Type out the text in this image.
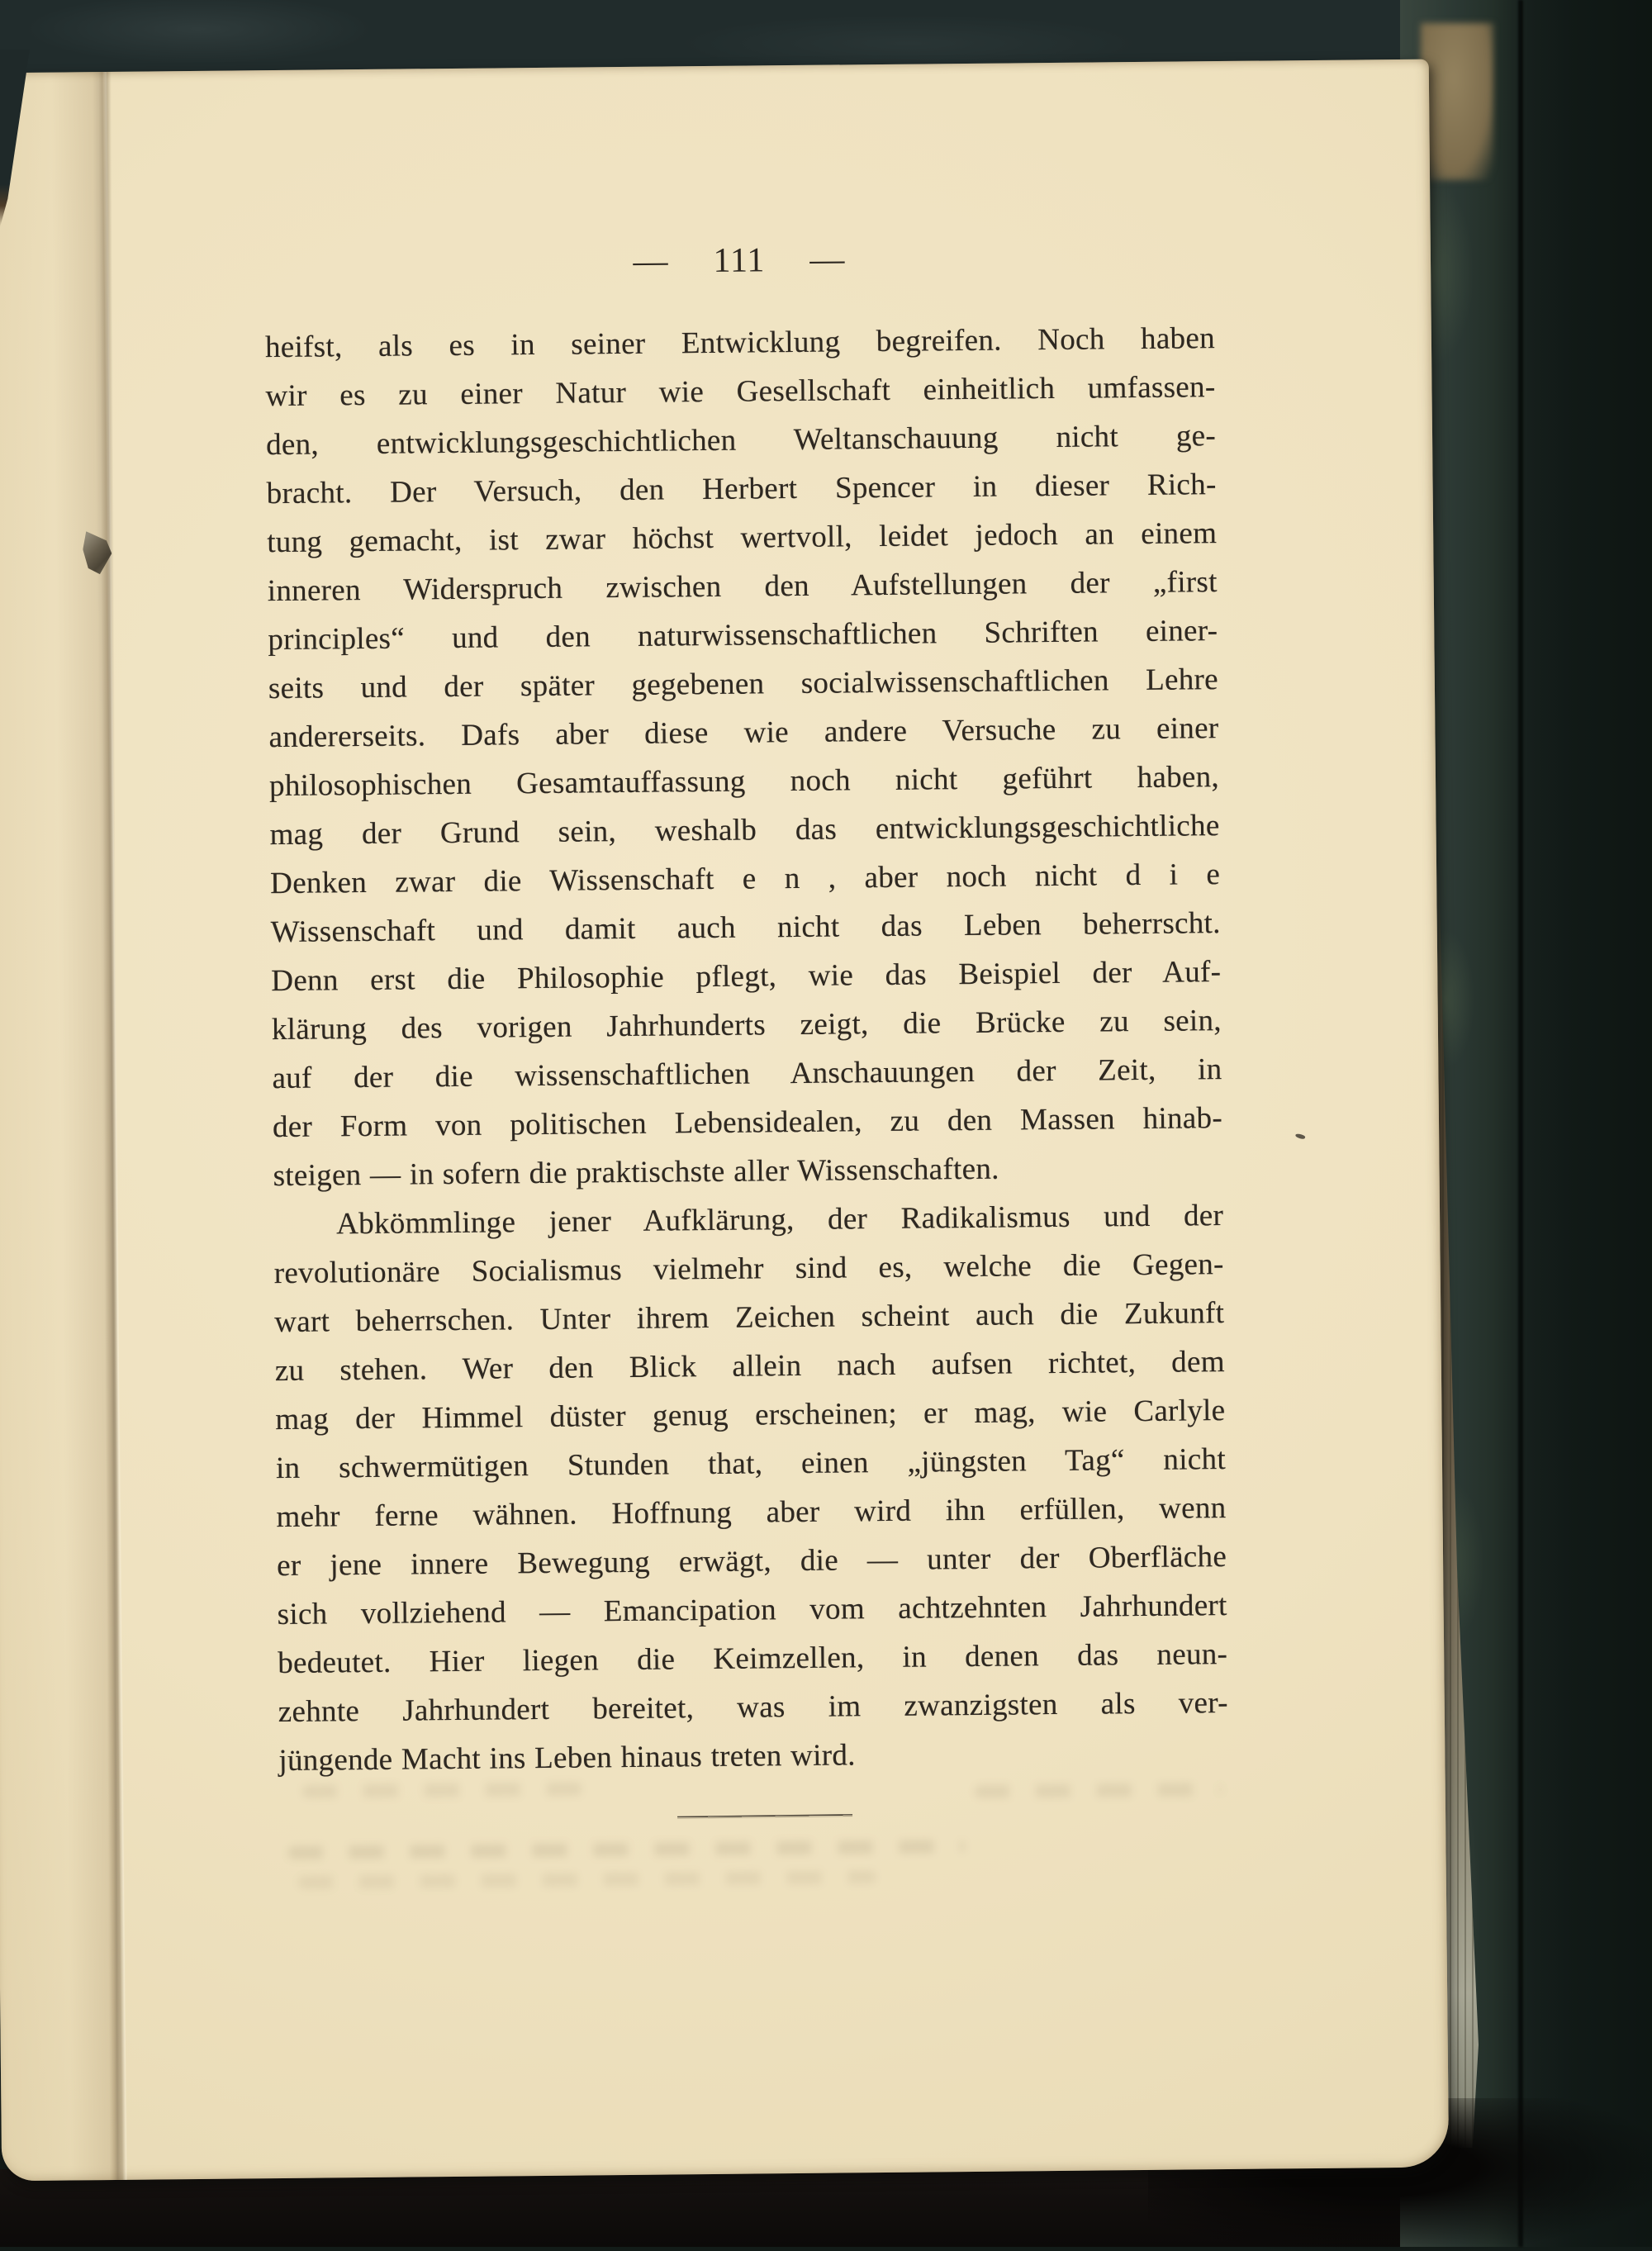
— 111 —
heifst, als es in seiner Entwicklung begreifen. Noch haben
wir es zu einer Natur wie Gesellschaft einheitlich umfassen-
den, entwicklungsgeschichtlichen Weltanschauung nicht ge-
bracht. Der Versuch, den Herbert Spencer in dieser Rich-
tung gemacht, ist zwar höchst wertvoll, leidet jedoch an einem
inneren Widerspruch zwischen den Aufstellungen der „first
principles“ und den naturwissenschaftlichen Schriften einer-
seits und der später gegebenen socialwissenschaftlichen Lehre
andererseits. Dafs aber diese wie andere Versuche zu einer
philosophischen Gesamtauffassung noch nicht geführt haben,
mag der Grund sein, weshalb das entwicklungsgeschichtliche
Denken zwar die Wissenschaft e n , aber noch nicht d i e
Wissenschaft und damit auch nicht das Leben beherrscht.
Denn erst die Philosophie pflegt, wie das Beispiel der Auf-
klärung des vorigen Jahrhunderts zeigt, die Brücke zu sein,
auf der die wissenschaftlichen Anschauungen der Zeit, in
der Form von politischen Lebensidealen, zu den Massen hinab-
steigen — in sofern die praktischste aller Wissenschaften.
Abkömmlinge jener Aufklärung, der Radikalismus und der
revolutionäre Socialismus vielmehr sind es, welche die Gegen-
wart beherrschen. Unter ihrem Zeichen scheint auch die Zukunft
zu stehen. Wer den Blick allein nach aufsen richtet, dem
mag der Himmel düster genug erscheinen; er mag, wie Carlyle
in schwermütigen Stunden that, einen „jüngsten Tag“ nicht
mehr ferne wähnen. Hoffnung aber wird ihn erfüllen, wenn
er jene innere Bewegung erwägt, die — unter der Oberfläche
sich vollziehend — Emancipation vom achtzehnten Jahrhundert
bedeutet. Hier liegen die Keimzellen, in denen das neun-
zehnte Jahrhundert bereitet, was im zwanzigsten als ver-
jüngende Macht ins Leben hinaus treten wird.
